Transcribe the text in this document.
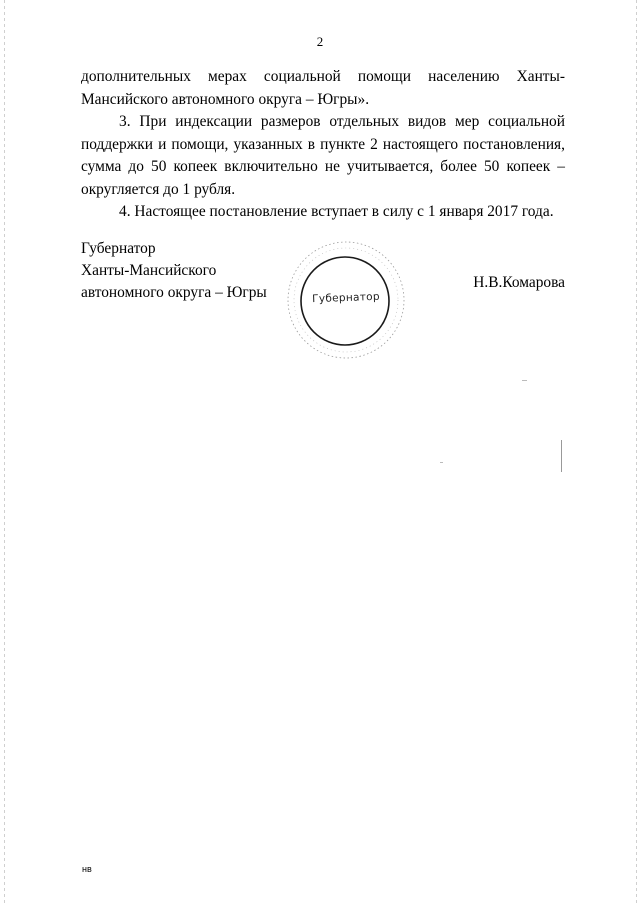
2

дополнительных мерах социальной помощи населению Ханты-
Мансийского автономного округа – Югры».

3. При индексации размеров отдельных видов мер социальной поддержки и помощи, указанных в пункте 2 настоящего постановления, сумма до 50 копеек включительно не учитывается, более 50 копеек – округляется до 1 рубля.

4. Настоящее постановление вступает в силу с 1 января 2017 года.

Губернатор
Ханты-Мансийского
автономного округа – Югры	Губернатор
Н.В.Комарова
нв
